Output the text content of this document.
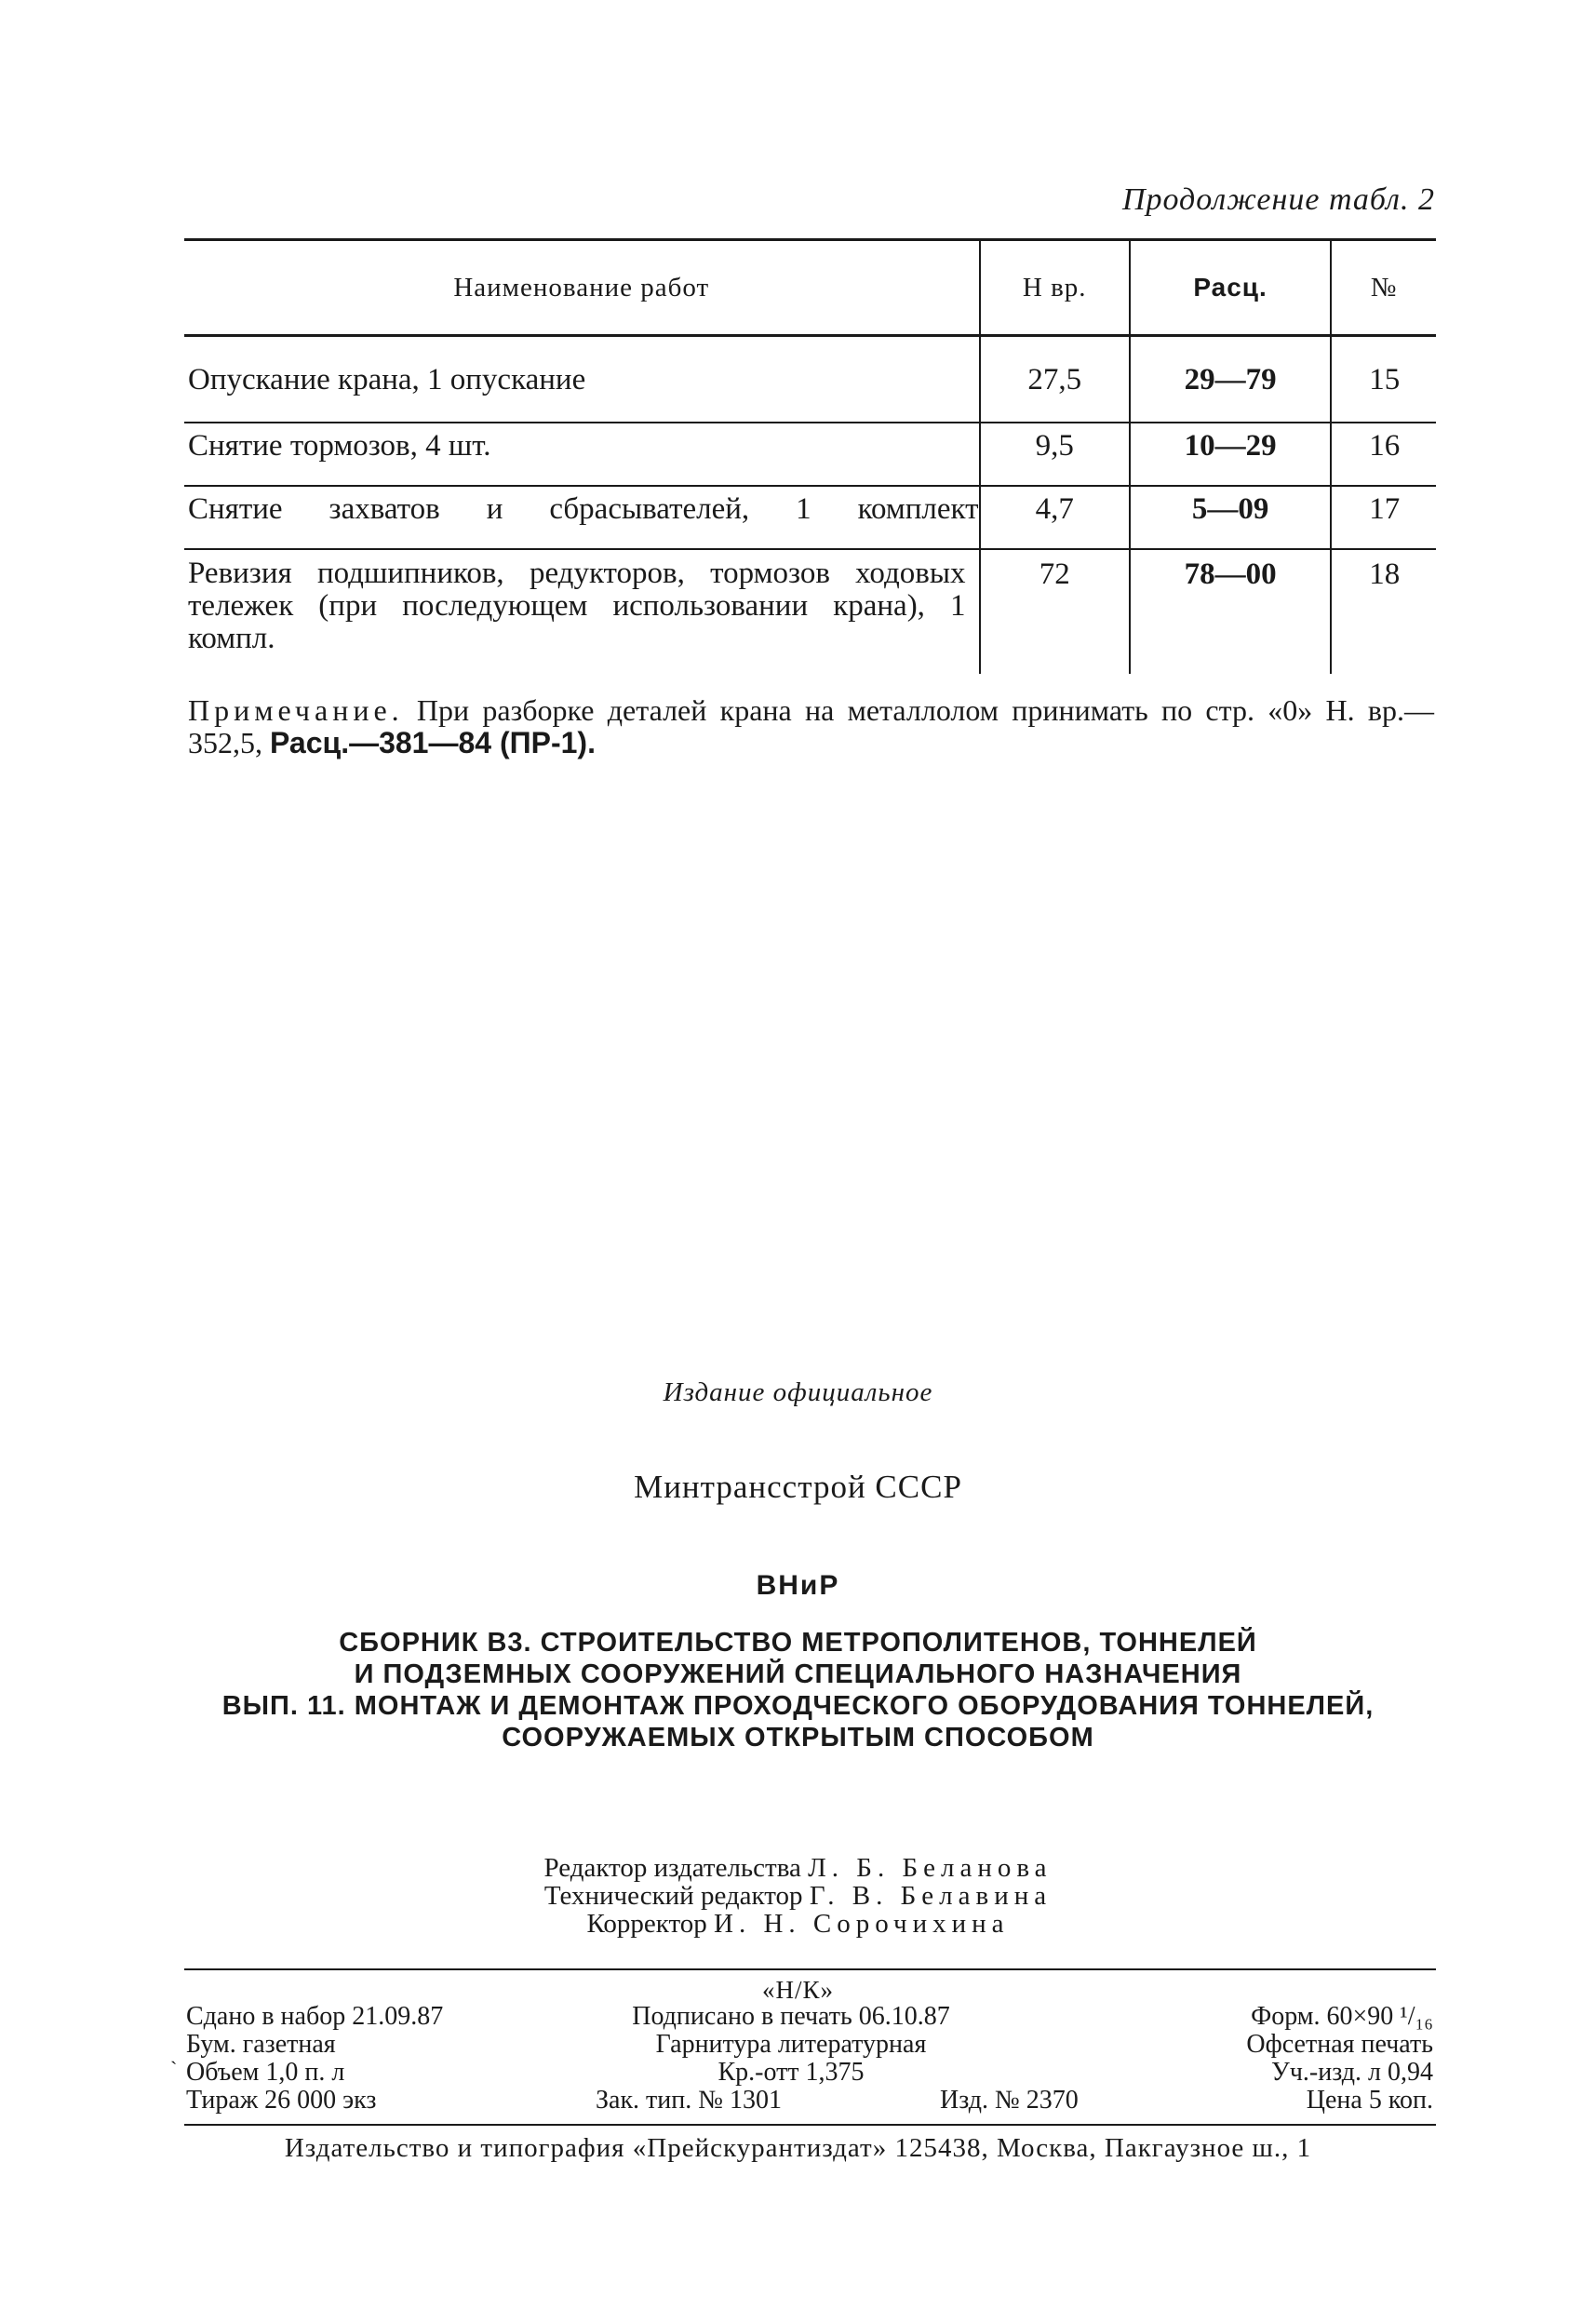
Продолжение табл. 2
Наименование работ	Н вр.	Расц.	№
Опускание крана, 1 опускание	27,5	29—79	15
Снятие тормозов, 4 шт.	9,5	10—29	16

Снятие захватов и сбрасывателей, 1 комплект	4,7	5—09	17
Ревизия подшипников, редукторов, тормозов ходовых тележек (при последующем использовании крана), 1 компл.	72	78—00	18
Примечание. При разборке деталей крана на металлолом принимать по стр. «0» Н. вр.—352,5, Расц.—381—84 (ПР-1).
Издание официальное
Минтрансстрой СССР
ВНиР
СБОРНИК В3. СТРОИТЕЛЬСТВО МЕТРОПОЛИТЕНОВ, ТОННЕЛЕЙ
И ПОДЗЕМНЫХ СООРУЖЕНИЙ СПЕЦИАЛЬНОГО НАЗНАЧЕНИЯ
ВЫП. 11. МОНТАЖ И ДЕМОНТАЖ ПРОХОДЧЕСКОГО ОБОРУДОВАНИЯ ТОННЕЛЕЙ,
СООРУЖАЕМЫХ ОТКРЫТЫМ СПОСОБОМ
Редактор издательства Л. Б. Беланова
Технический редактор Г. В. Белавина
Корректор И. Н. Сорочихина
«Н/К»
Сдано в набор 21.09.87
Бум. газетная
Объем 1,0 п. л
Тираж 26 000 экз
`
Подписано в печать 06.10.87
Гарнитура литературная
Кр.-отт 1,375
Зак. тип. № 1301	Изд. № 2370
Форм. 60×90 ¹/₁₆
Офсетная печать
Уч.-изд. л 0,94
Цена 5 коп.
Издательство и типография «Прейскурантиздат» 125438, Москва, Пакгаузное ш., 1
